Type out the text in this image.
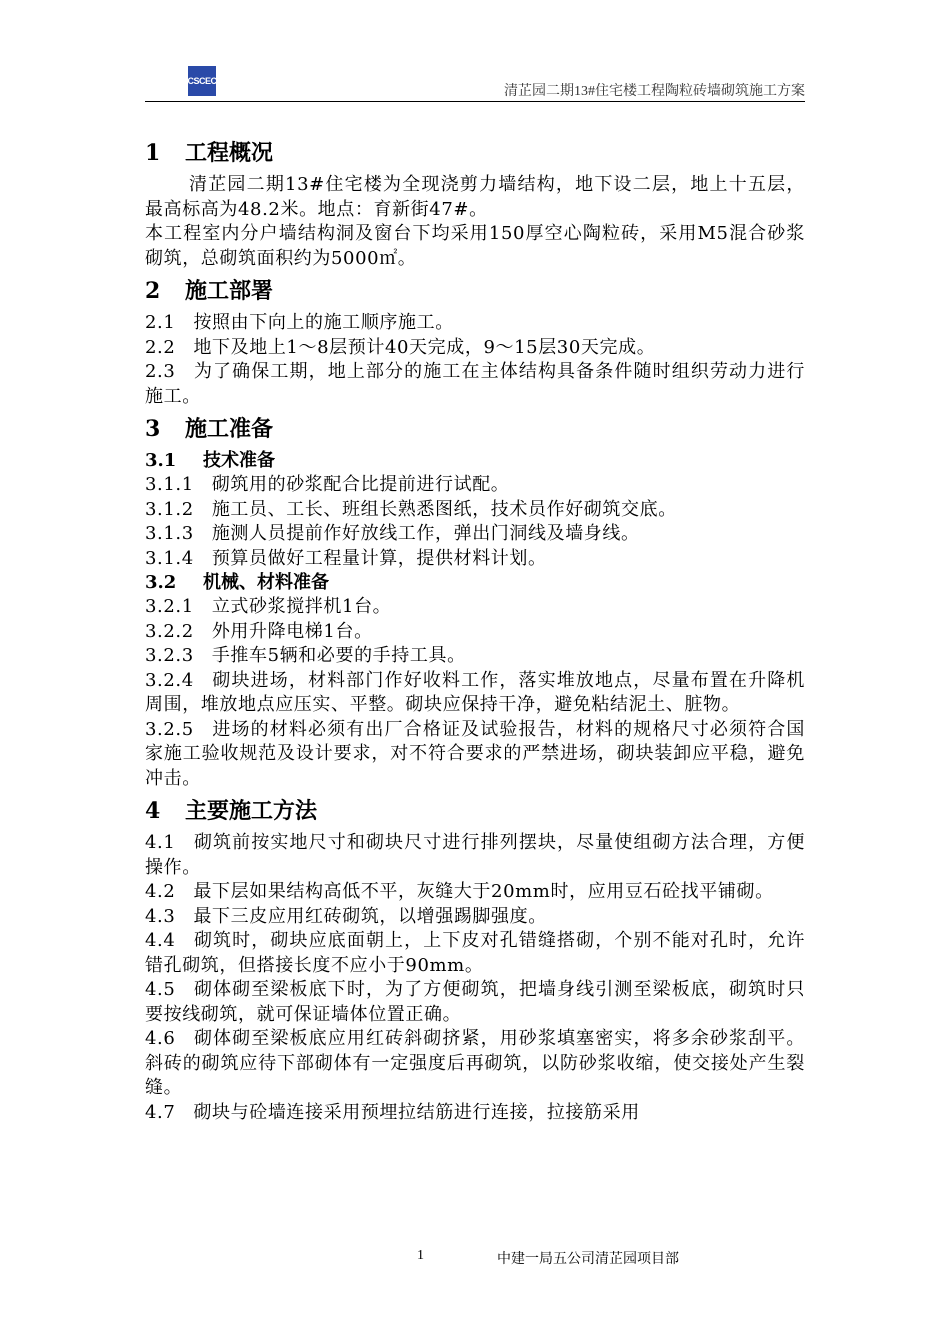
CSCEC
清芷园二期13#住宅楼工程陶粒砖墙砌筑施工方案
1 工程概况
清芷园二期13#住宅楼为全现浇剪力墙结构，地下设二层，地上十五层，最高标高为48.2米。地点：育新街47#。
本工程室内分户墙结构洞及窗台下均采用150厚空心陶粒砖，采用M5混合砂浆砌筑，总砌筑面积约为5000㎡。
2 施工部署
2.1 按照由下向上的施工顺序施工。
2.2 地下及地上1～8层预计40天完成，9～15层30天完成。
2.3 为了确保工期，地上部分的施工在主体结构具备条件随时组织劳动力进行施工。
3 施工准备
3.1 技术准备
3.1.1 砌筑用的砂浆配合比提前进行试配。
3.1.2 施工员、工长、班组长熟悉图纸，技术员作好砌筑交底。
3.1.3 施测人员提前作好放线工作，弹出门洞线及墙身线。
3.1.4 预算员做好工程量计算，提供材料计划。
3.2 机械、材料准备
3.2.1 立式砂浆搅拌机1台。
3.2.2 外用升降电梯1台。
3.2.3 手推车5辆和必要的手持工具。
3.2.4 砌块进场，材料部门作好收料工作，落实堆放地点，尽量布置在升降机周围，堆放地点应压实、平整。砌块应保持干净，避免粘结泥土、脏物。
3.2.5 进场的材料必须有出厂合格证及试验报告，材料的规格尺寸必须符合国家施工验收规范及设计要求，对不符合要求的严禁进场，砌块装卸应平稳，避免冲击。
4 主要施工方法
4.1 砌筑前按实地尺寸和砌块尺寸进行排列摆块，尽量使组砌方法合理，方便操作。
4.2 最下层如果结构高低不平，灰缝大于20mm时，应用豆石砼找平铺砌。
4.3 最下三皮应用红砖砌筑，以增强踢脚强度。
4.4 砌筑时，砌块应底面朝上，上下皮对孔错缝搭砌，个别不能对孔时，允许错孔砌筑，但搭接长度不应小于90mm。
4.5 砌体砌至梁板底下时，为了方便砌筑，把墙身线引测至梁板底，砌筑时只要按线砌筑，就可保证墙体位置正确。
4.6 砌体砌至梁板底应用红砖斜砌挤紧，用砂浆填塞密实，将多余砂浆刮平。斜砖的砌筑应待下部砌体有一定强度后再砌筑，以防砂浆收缩，使交接处产生裂缝。
4.7 砌块与砼墙连接采用预埋拉结筋进行连接，拉接筋采用
1	中建一局五公司清芷园项目部
